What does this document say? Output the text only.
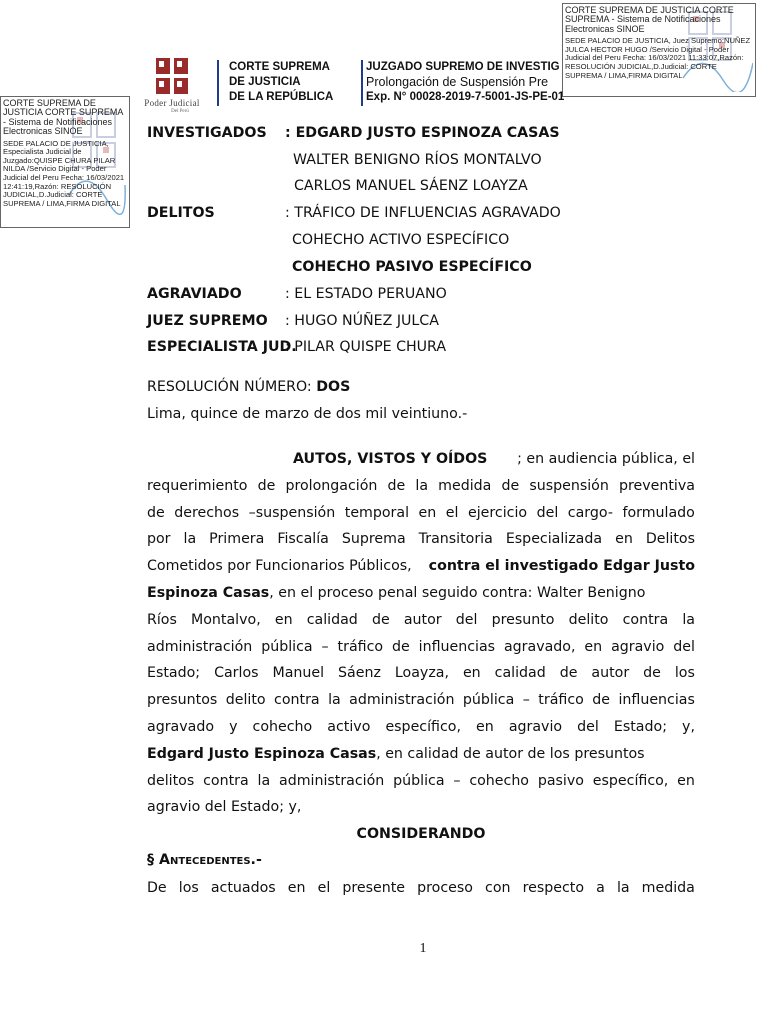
CORTE SUPREMA DE JUSTICIA CORTE SUPREMA - Sistema de Notificaciones Electronicas SINOE
SEDE PALACIO DE JUSTICIA, Especialista Judicial de Juzgado:QUISPE CHURA PILAR NILDA /Servicio Digital - Poder Judicial del Peru Fecha: 16/03/2021 12:41:19,Razón: RESOLUCIÓN JUDICIAL,D.Judicial: CORTE SUPREMA / LIMA,FIRMA DIGITAL
CORTE SUPREMA DE JUSTICIA CORTE SUPREMA - Sistema de Notificaciones Electronicas SINOE
SEDE PALACIO DE JUSTICIA, Juez Supremo:NUÑEZ JULCA HECTOR HUGO /Servicio Digital - Poder Judicial del Peru Fecha: 16/03/2021 11:33:07,Razón: RESOLUCIÓN JUDICIAL,D.Judicial: CORTE SUPREMA / LIMA,FIRMA DIGITAL
Poder Judicial
Del Perú
CORTE SUPREMA
DE JUSTICIA
DE LA REPÚBLICA
JUZGADO SUPREMO DE INVESTIG
Prolongación de Suspensión Pre
Exp. N° 00028-2019-7-5001-JS-PE-01
INVESTIGADOS : EDGARD JUSTO ESPINOZA CASAS
WALTER BENIGNO RÍOS MONTALVO
CARLOS MANUEL SÁENZ LOAYZA
DELITOS	: TRÁFICO DE INFLUENCIAS AGRAVADO
COHECHO ACTIVO ESPECÍFICO
COHECHO PASIVO ESPECÍFICO
AGRAVIADO	: EL ESTADO PERUANO
JUEZ SUPREMO : HUGO NÚÑEZ JULCA
ESPECIALISTA JUD.
: PILAR QUISPE CHURA
RESOLUCIÓN NÚMERO: DOS
Lima, quince de marzo de dos mil veintiuno.-
AUTOS, VISTOS Y OÍDOS ; en audiencia pública, el
requerimiento de prolongación de la medida de suspensión preventiva
de derechos –suspensión temporal en el ejercicio del cargo- formulado
por la Primera Fiscalía Suprema Transitoria Especializada en Delitos
Cometidos por Funcionarios Públicos, contra el investigado Edgar Justo
Espinoza Casas, en el proceso penal seguido contra: Walter Benigno
Ríos Montalvo, en calidad de autor del presunto delito contra la
administración pública – tráfico de influencias agravado, en agravio del
Estado; Carlos Manuel Sáenz Loayza, en calidad de autor de los
presuntos delito contra la administración pública – tráfico de influencias
agravado y cohecho activo específico, en agravio del Estado; y,
Edgard Justo Espinoza Casas, en calidad de autor de los presuntos
delitos contra la administración pública – cohecho pasivo específico, en
agravio del Estado; y,
CONSIDERANDO
§ Antecedentes.-
De los actuados en el presente proceso con respecto a la medida
1
